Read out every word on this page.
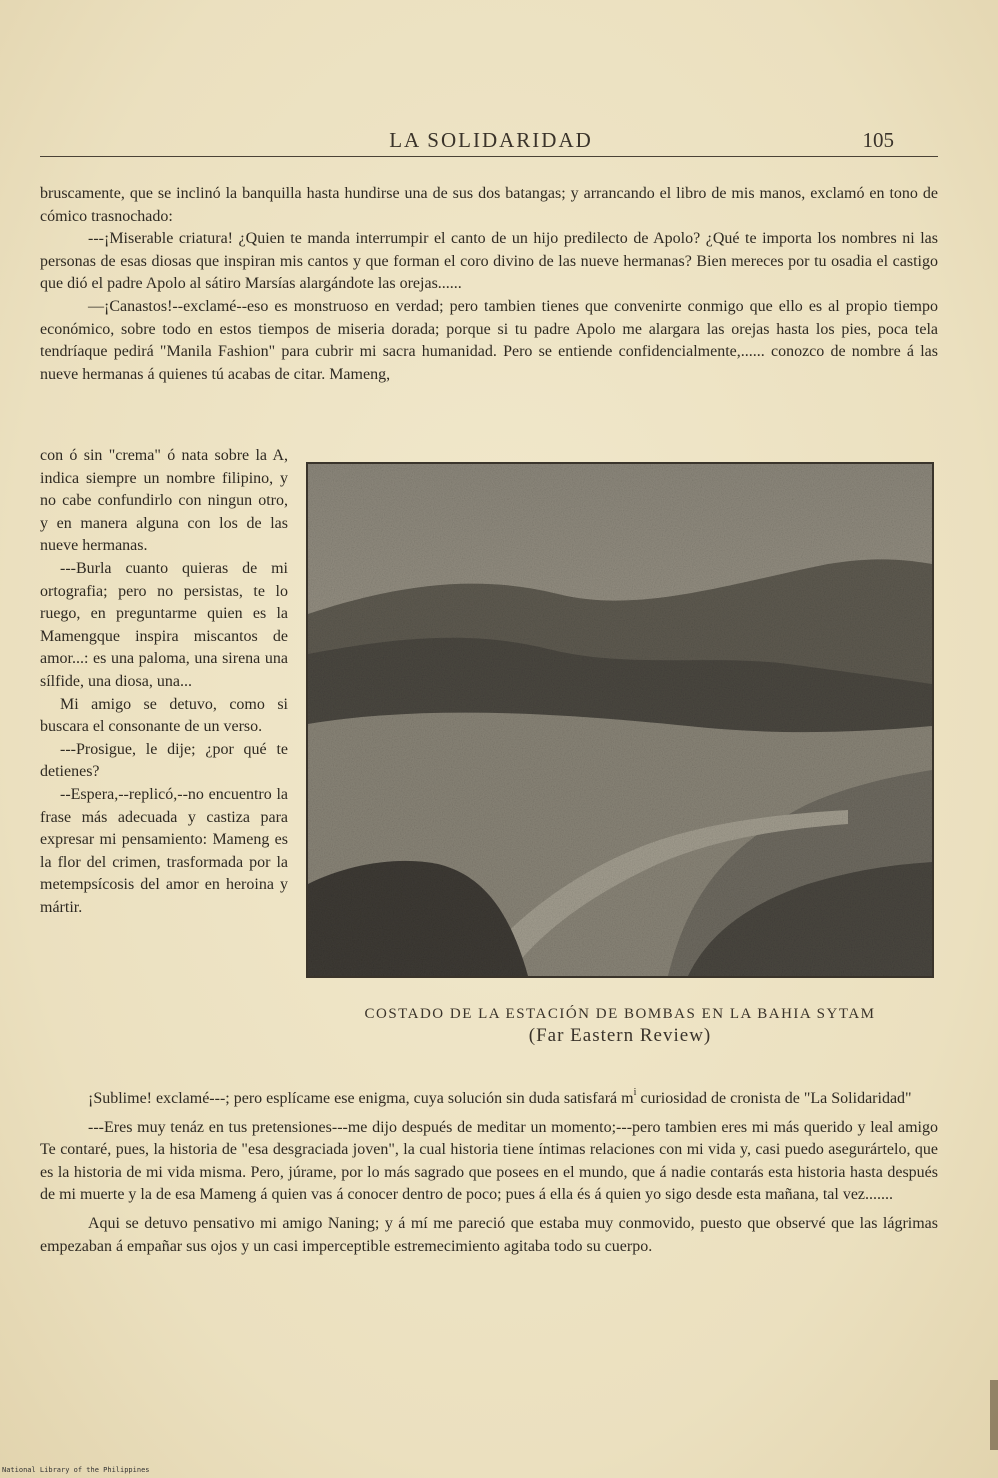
LA SOLIDARIDAD	105

bruscamente, que se inclinó la banquilla hasta hundirse una de sus dos batangas; y arrancando el libro de mis manos, exclamó en tono de cómico trasnochado:

---¡Miserable criatura! ¿Quien te manda interrumpir el canto de un hijo predilecto de Apolo? ¿Qué te importa los nombres ni las personas de esas diosas que inspiran mis cantos y que forman el coro divino de las nueve hermanas? Bien mereces por tu osadia el castigo que dió el padre Apolo al sátiro Marsías alargándote las orejas......

—¡Canastos!--exclamé--eso es monstruoso en verdad; pero tambien tienes que convenirte conmigo que ello es al propio tiempo económico, sobre todo en estos tiempos de miseria dorada; porque si tu padre Apolo me alargara las orejas hasta los pies, poca tela tendríaque pedirá "Manila Fashion" para cubrir mi sacra humanidad. Pero se entiende confidencialmente,...... conozco de nombre á las nueve hermanas á quienes tú acabas de citar. Mameng,

con ó sin "crema" ó nata sobre la A, indica siempre un nombre filipino, y no cabe confundirlo con ningun otro, y en manera alguna con los de las nueve hermanas.

---Burla cuanto quieras de mi ortografia; pero no persistas, te lo ruego, en preguntarme quien es la Mamengque inspira miscantos de amor...: es una paloma, una sirena una sílfide, una diosa, una...

Mi amigo se detuvo, como si buscara el consonante de un verso.

---Prosigue, le dije; ¿por qué te detienes?

--Espera,--replicó,--no encuentro la frase más adecuada y castiza para expresar mi pensamiento: Mameng es la flor del crimen, trasformada por la metempsícosis del amor en heroina y mártir.

COSTADO DE LA ESTACIÓN DE BOMBAS EN LA BAHIA SYTAM
(Far Eastern Review)

¡Sublime! exclamé---; pero esplícame ese enigma, cuya solución sin duda satisfará $m^i$ curiosidad de cronista de "La Solidaridad"

---Eres muy tenáz en tus pretensiones---me dijo después de meditar un momento;---pero tambien eres mi más querido y leal amigo Te contaré, pues, la historia de "esa desgraciada joven", la cual historia tiene íntimas relaciones con mi vida y, casi puedo asegurártelo, que es la historia de mi vida misma. Pero, júrame, por lo más sagrado que posees en el mundo, que á nadie contarás esta historia hasta después de mi muerte y la de esa Mameng á quien vas á conocer dentro de poco; pues á ella és á quien yo sigo desde esta mañana, tal vez.......

Aqui se detuvo pensativo mi amigo Naning; y á mí me pareció que estaba muy conmovido, puesto que observé que las lágrimas empezaban á empañar sus ojos y un casi imperceptible estremecimiento agitaba todo su cuerpo.

National Library of the Philippines
